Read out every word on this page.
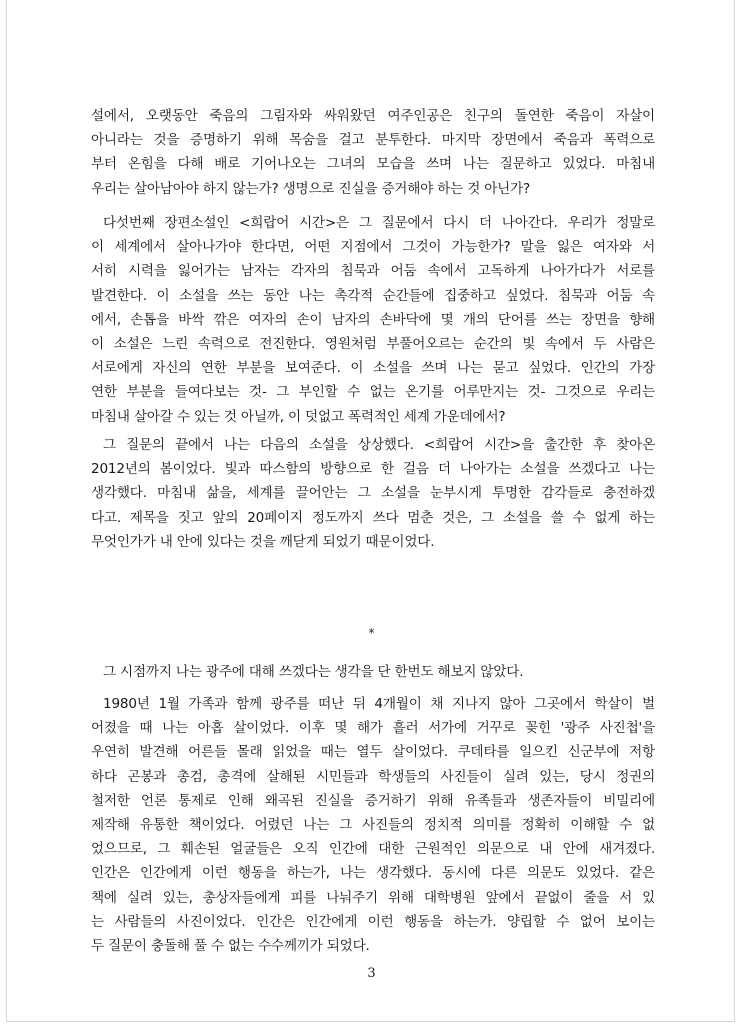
설에서, 오랫동안 죽음의 그림자와 싸워왔던 여주인공은 친구의 돌연한 죽음이 자살이
아니라는 것을 증명하기 위해 목숨을 걸고 분투한다. 마지막 장면에서 죽음과 폭력으로
부터 온힘을 다해 배로 기어나오는 그녀의 모습을 쓰며 나는 질문하고 있었다. 마침내
우리는 살아남아야 하지 않는가? 생명으로 진실을 증거해야 하는 것 아닌가?
다섯번째 장편소설인 <희랍어 시간>은 그 질문에서 다시 더 나아간다. 우리가 정말로
이 세계에서 살아나가야 한다면, 어떤 지점에서 그것이 가능한가? 말을 잃은 여자와 서
서히 시력을 잃어가는 남자는 각자의 침묵과 어둠 속에서 고독하게 나아가다가 서로를
발견한다. 이 소설을 쓰는 동안 나는 촉각적 순간들에 집중하고 싶었다. 침묵과 어둠 속
에서, 손톱을 바싹 깎은 여자의 손이 남자의 손바닥에 몇 개의 단어를 쓰는 장면을 향해
이 소설은 느린 속력으로 전진한다. 영원처럼 부풀어오르는 순간의 빛 속에서 두 사람은
서로에게 자신의 연한 부분을 보여준다. 이 소설을 쓰며 나는 묻고 싶었다. 인간의 가장
연한 부분을 들여다보는 것- 그 부인할 수 없는 온기를 어루만지는 것- 그것으로 우리는
마침내 살아갈 수 있는 것 아닐까, 이 덧없고 폭력적인 세계 가운데에서?
그 질문의 끝에서 나는 다음의 소설을 상상했다. <희랍어 시간>을 출간한 후 찾아온
2012년의 봄이었다. 빛과 따스함의 방향으로 한 걸음 더 나아가는 소설을 쓰겠다고 나는
생각했다. 마침내 삶을, 세계를 끌어안는 그 소설을 눈부시게 투명한 감각들로 충전하겠
다고. 제목을 짓고 앞의 20페이지 정도까지 쓰다 멈춘 것은, 그 소설을 쓸 수 없게 하는
무엇인가가 내 안에 있다는 것을 깨닫게 되었기 때문이었다.
*
그 시점까지 나는 광주에 대해 쓰겠다는 생각을 단 한번도 해보지 않았다.
1980년 1월 가족과 함께 광주를 떠난 뒤 4개월이 채 지나지 않아 그곳에서 학살이 벌
어졌을 때 나는 아홉 살이었다. 이후 몇 해가 흘러 서가에 거꾸로 꽂힌 '광주 사진첩'을
우연히 발견해 어른들 몰래 읽었을 때는 열두 살이었다. 쿠데타를 일으킨 신군부에 저항
하다 곤봉과 총검, 총격에 살해된 시민들과 학생들의 사진들이 실려 있는, 당시 정권의
철저한 언론 통제로 인해 왜곡된 진실을 증거하기 위해 유족들과 생존자들이 비밀리에
제작해 유통한 책이었다. 어렸던 나는 그 사진들의 정치적 의미를 정확히 이해할 수 없
었으므로, 그 훼손된 얼굴들은 오직 인간에 대한 근원적인 의문으로 내 안에 새겨졌다.
인간은 인간에게 이런 행동을 하는가, 나는 생각했다. 동시에 다른 의문도 있었다. 같은
책에 실려 있는, 총상자들에게 피를 나눠주기 위해 대학병원 앞에서 끝없이 줄을 서 있
는 사람들의 사진이었다. 인간은 인간에게 이런 행동을 하는가. 양립할 수 없어 보이는
두 질문이 충돌해 풀 수 없는 수수께끼가 되었다.
3
